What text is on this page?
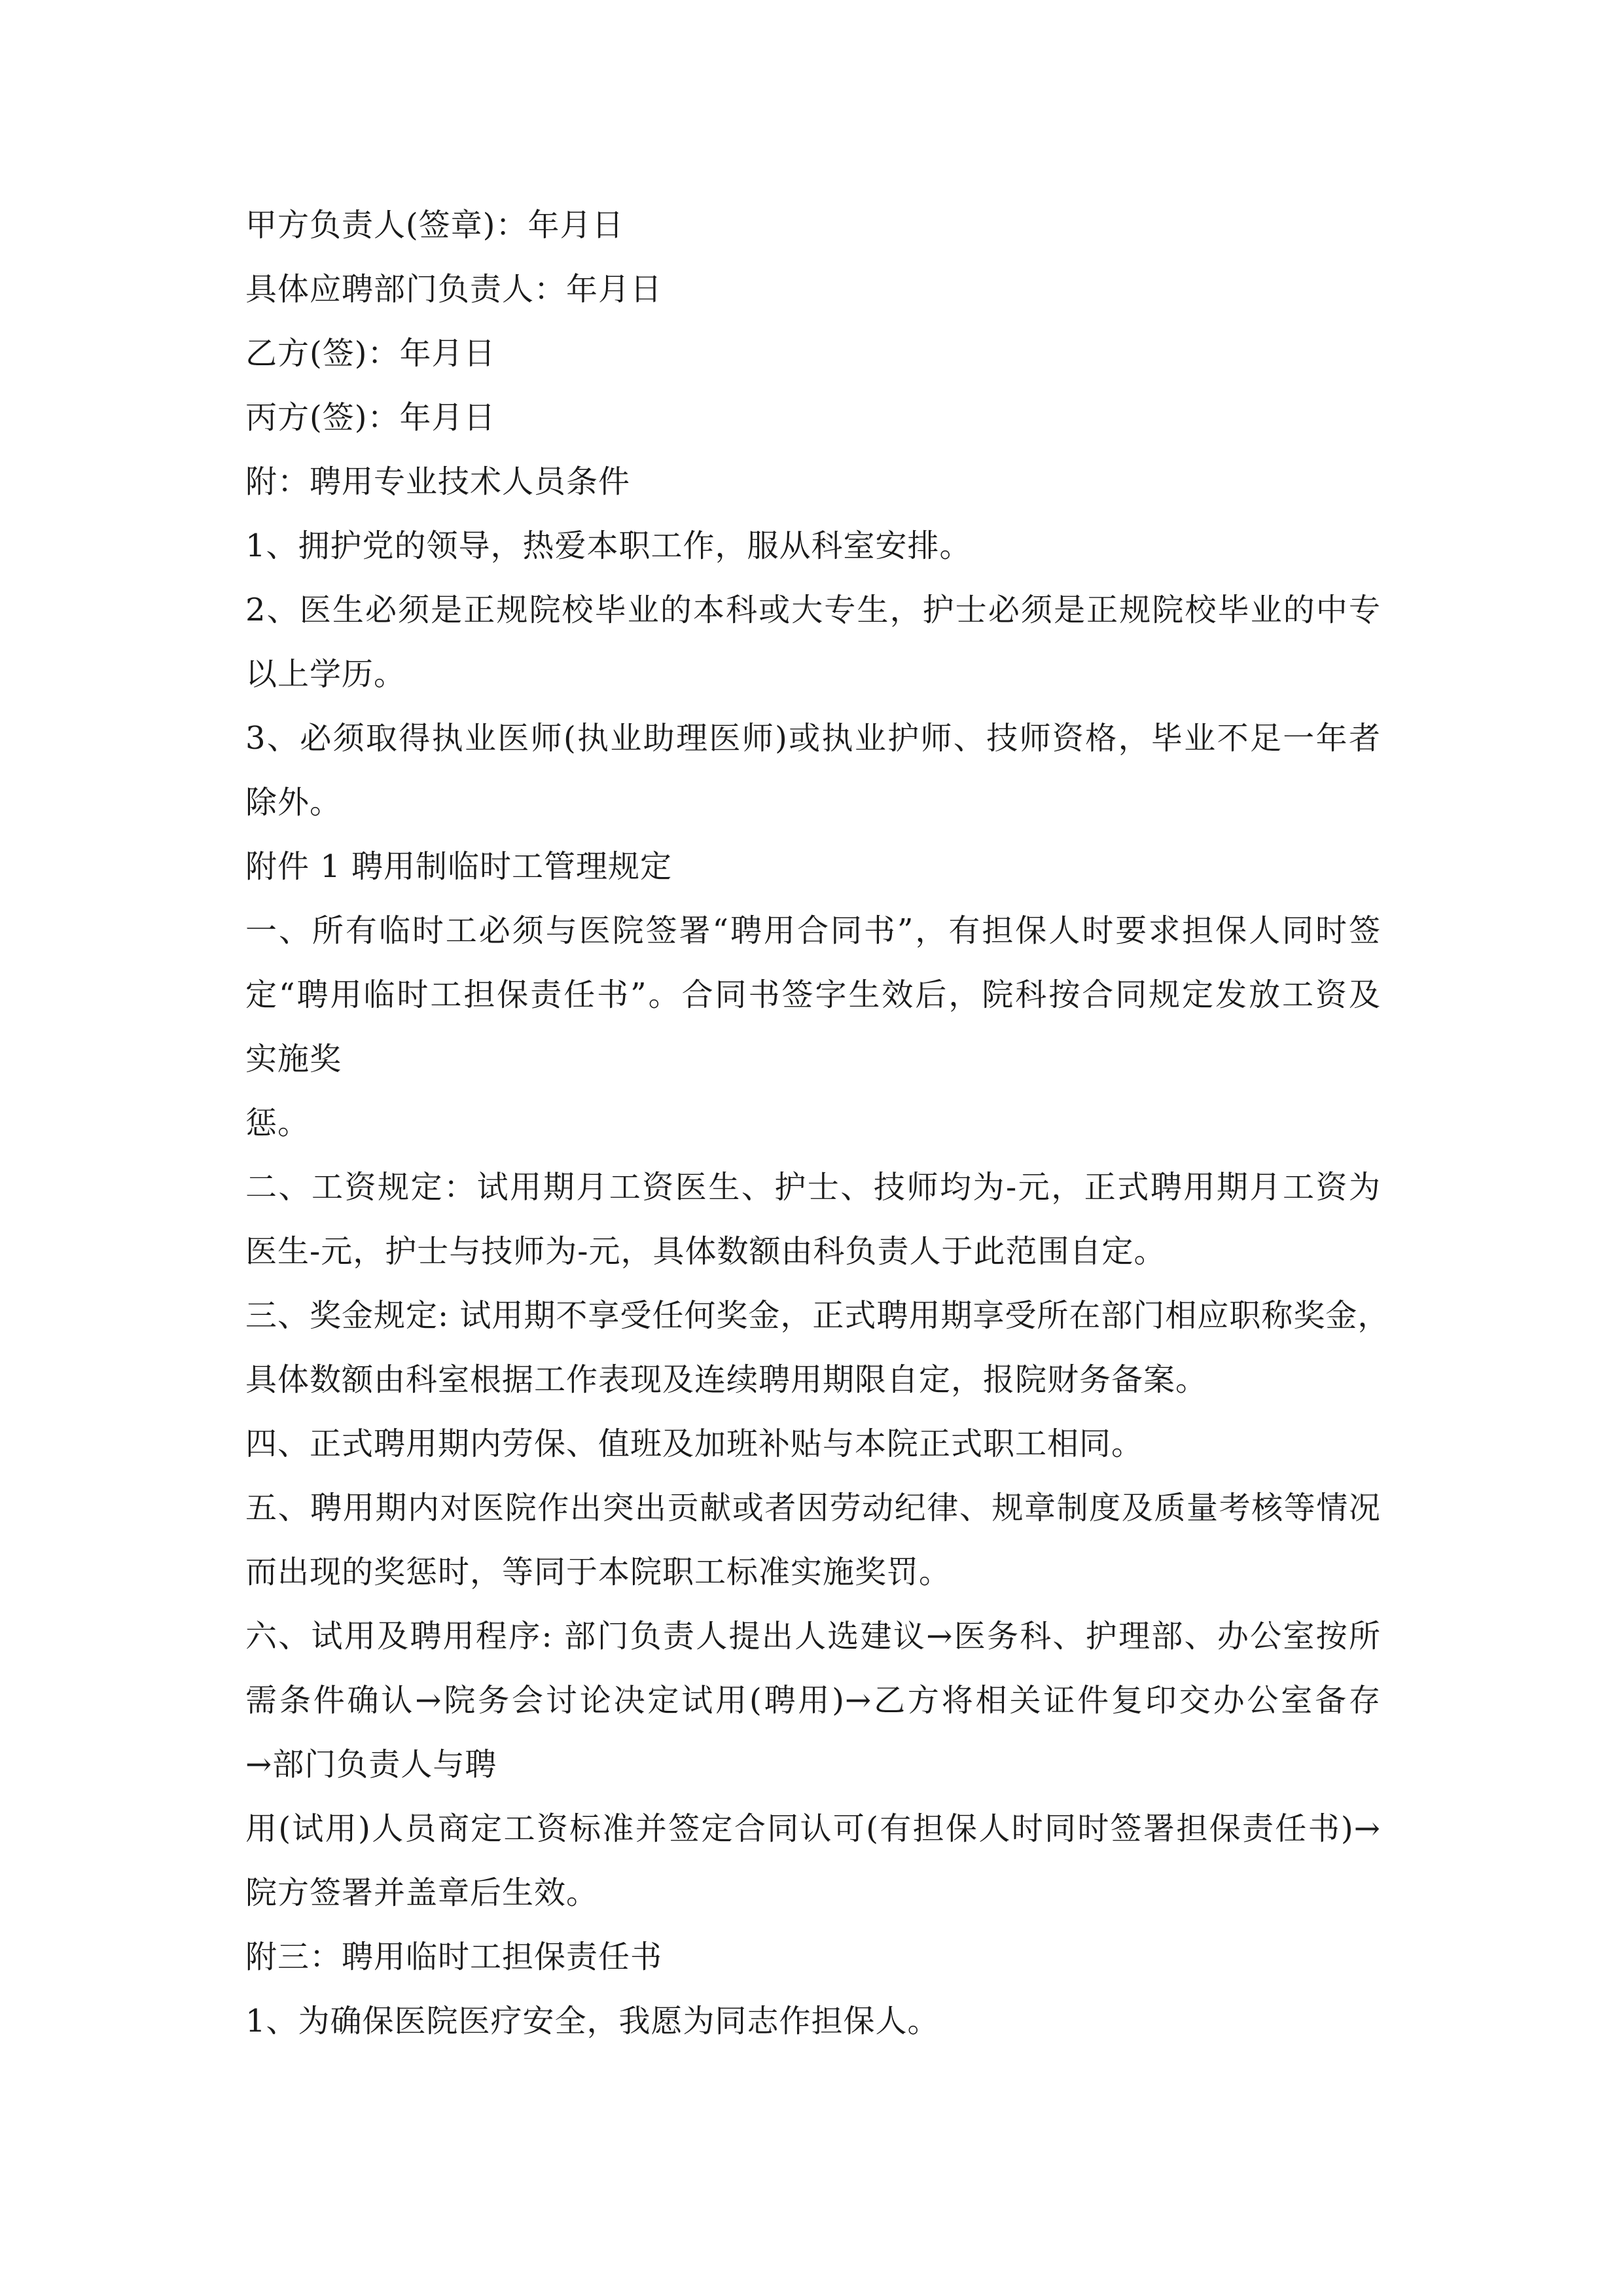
甲方负责人(签章)：年月日
具体应聘部门负责人：年月日
乙方(签)：年月日
丙方(签)：年月日
附：聘用专业技术人员条件
1、拥护党的领导，热爱本职工作，服从科室安排。
2、医生必须是正规院校毕业的本科或大专生，护士必须是正规院校毕业的中专
以上学历。
3、必须取得执业医师(执业助理医师)或执业护师、技师资格，毕业不足一年者
除外。
附件 1 聘用制临时工管理规定
一、所有临时工必须与医院签署“聘用合同书”，有担保人时要求担保人同时签
定“聘用临时工担保责任书”。合同书签字生效后，院科按合同规定发放工资及
实施奖
惩。
二、工资规定：试用期月工资医生、护士、技师均为-元，正式聘用期月工资为
医生-元，护士与技师为-元，具体数额由科负责人于此范围自定。
三、奖金规定: 试用期不享受任何奖金，正式聘用期享受所在部门相应职称奖金，
具体数额由科室根据工作表现及连续聘用期限自定，报院财务备案。
四、正式聘用期内劳保、值班及加班补贴与本院正式职工相同。
五、聘用期内对医院作出突出贡献或者因劳动纪律、规章制度及质量考核等情况
而出现的奖惩时，等同于本院职工标准实施奖罚。
六、试用及聘用程序: 部门负责人提出人选建议→医务科、护理部、办公室按所
需条件确认→院务会讨论决定试用(聘用)→乙方将相关证件复印交办公室备存
→部门负责人与聘
用(试用)人员商定工资标准并签定合同认可(有担保人时同时签署担保责任书)→
院方签署并盖章后生效。
附三：聘用临时工担保责任书
1、为确保医院医疗安全，我愿为同志作担保人。
